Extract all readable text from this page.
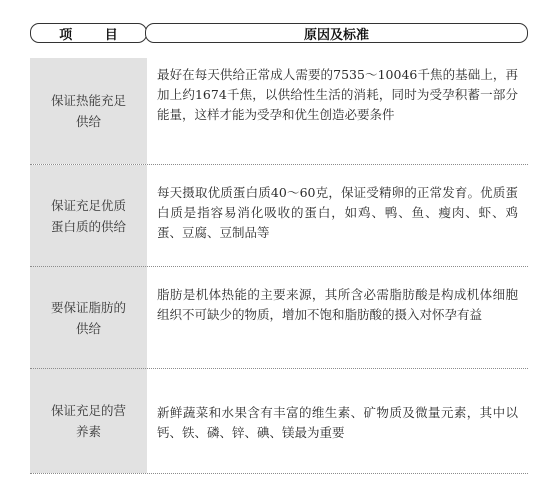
项 目	原因及标准
保证热能充足供给
最好在每天供给正常成人需要的7535～10046千焦的基础上，再加上约1674千焦，以供给性生活的消耗，同时为受孕积蓄一部分能量，这样才能为受孕和优生创造必要条件
保证充足优质蛋白质的供给
每天摄取优质蛋白质40～60克，保证受精卵的正常发育。优质蛋白质是指容易消化吸收的蛋白，如鸡、鸭、鱼、瘦肉、虾、鸡蛋、豆腐、豆制品等
要保证脂肪的供给
脂肪是机体热能的主要来源，其所含必需脂肪酸是构成机体细胞组织不可缺少的物质，增加不饱和脂肪酸的摄入对怀孕有益
保证充足的营养素
新鲜蔬菜和水果含有丰富的维生素、矿物质及微量元素，其中以钙、铁、磷、锌、碘、镁最为重要
